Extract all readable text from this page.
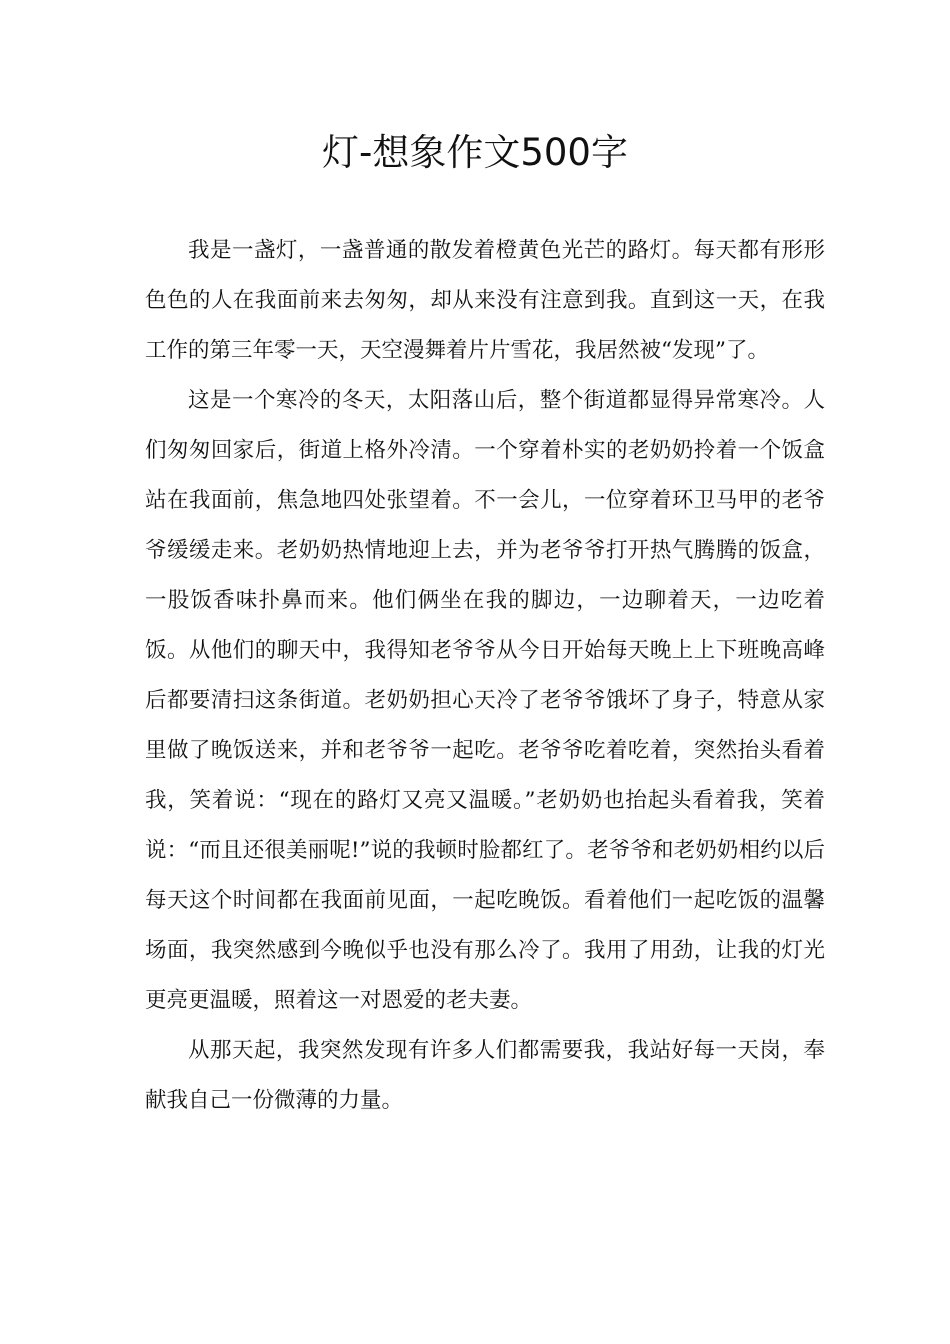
灯-想象作文500字

我是一盏灯，一盏普通的散发着橙黄色光芒的路灯。每天都有形形色色的人在我面前来去匆匆，却从来没有注意到我。直到这一天，在我工作的第三年零一天，天空漫舞着片片雪花，我居然被“发现”了。

这是一个寒冷的冬天，太阳落山后，整个街道都显得异常寒冷。人们匆匆回家后，街道上格外冷清。一个穿着朴实的老奶奶拎着一个饭盒站在我面前，焦急地四处张望着。不一会儿，一位穿着环卫马甲的老爷爷缓缓走来。老奶奶热情地迎上去，并为老爷爷打开热气腾腾的饭盒，一股饭香味扑鼻而来。他们俩坐在我的脚边，一边聊着天，一边吃着饭。从他们的聊天中，我得知老爷爷从今日开始每天晚上上下班晚高峰后都要清扫这条街道。老奶奶担心天冷了老爷爷饿坏了身子，特意从家里做了晚饭送来，并和老爷爷一起吃。老爷爷吃着吃着，突然抬头看着我，笑着说：“现在的路灯又亮又温暖。”老奶奶也抬起头看着我，笑着说：“而且还很美丽呢!”说的我顿时脸都红了。老爷爷和老奶奶相约以后每天这个时间都在我面前见面，一起吃晚饭。看着他们一起吃饭的温馨场面，我突然感到今晚似乎也没有那么冷了。我用了用劲，让我的灯光更亮更温暖，照着这一对恩爱的老夫妻。

从那天起，我突然发现有许多人们都需要我，我站好每一天岗，奉献我自己一份微薄的力量。
